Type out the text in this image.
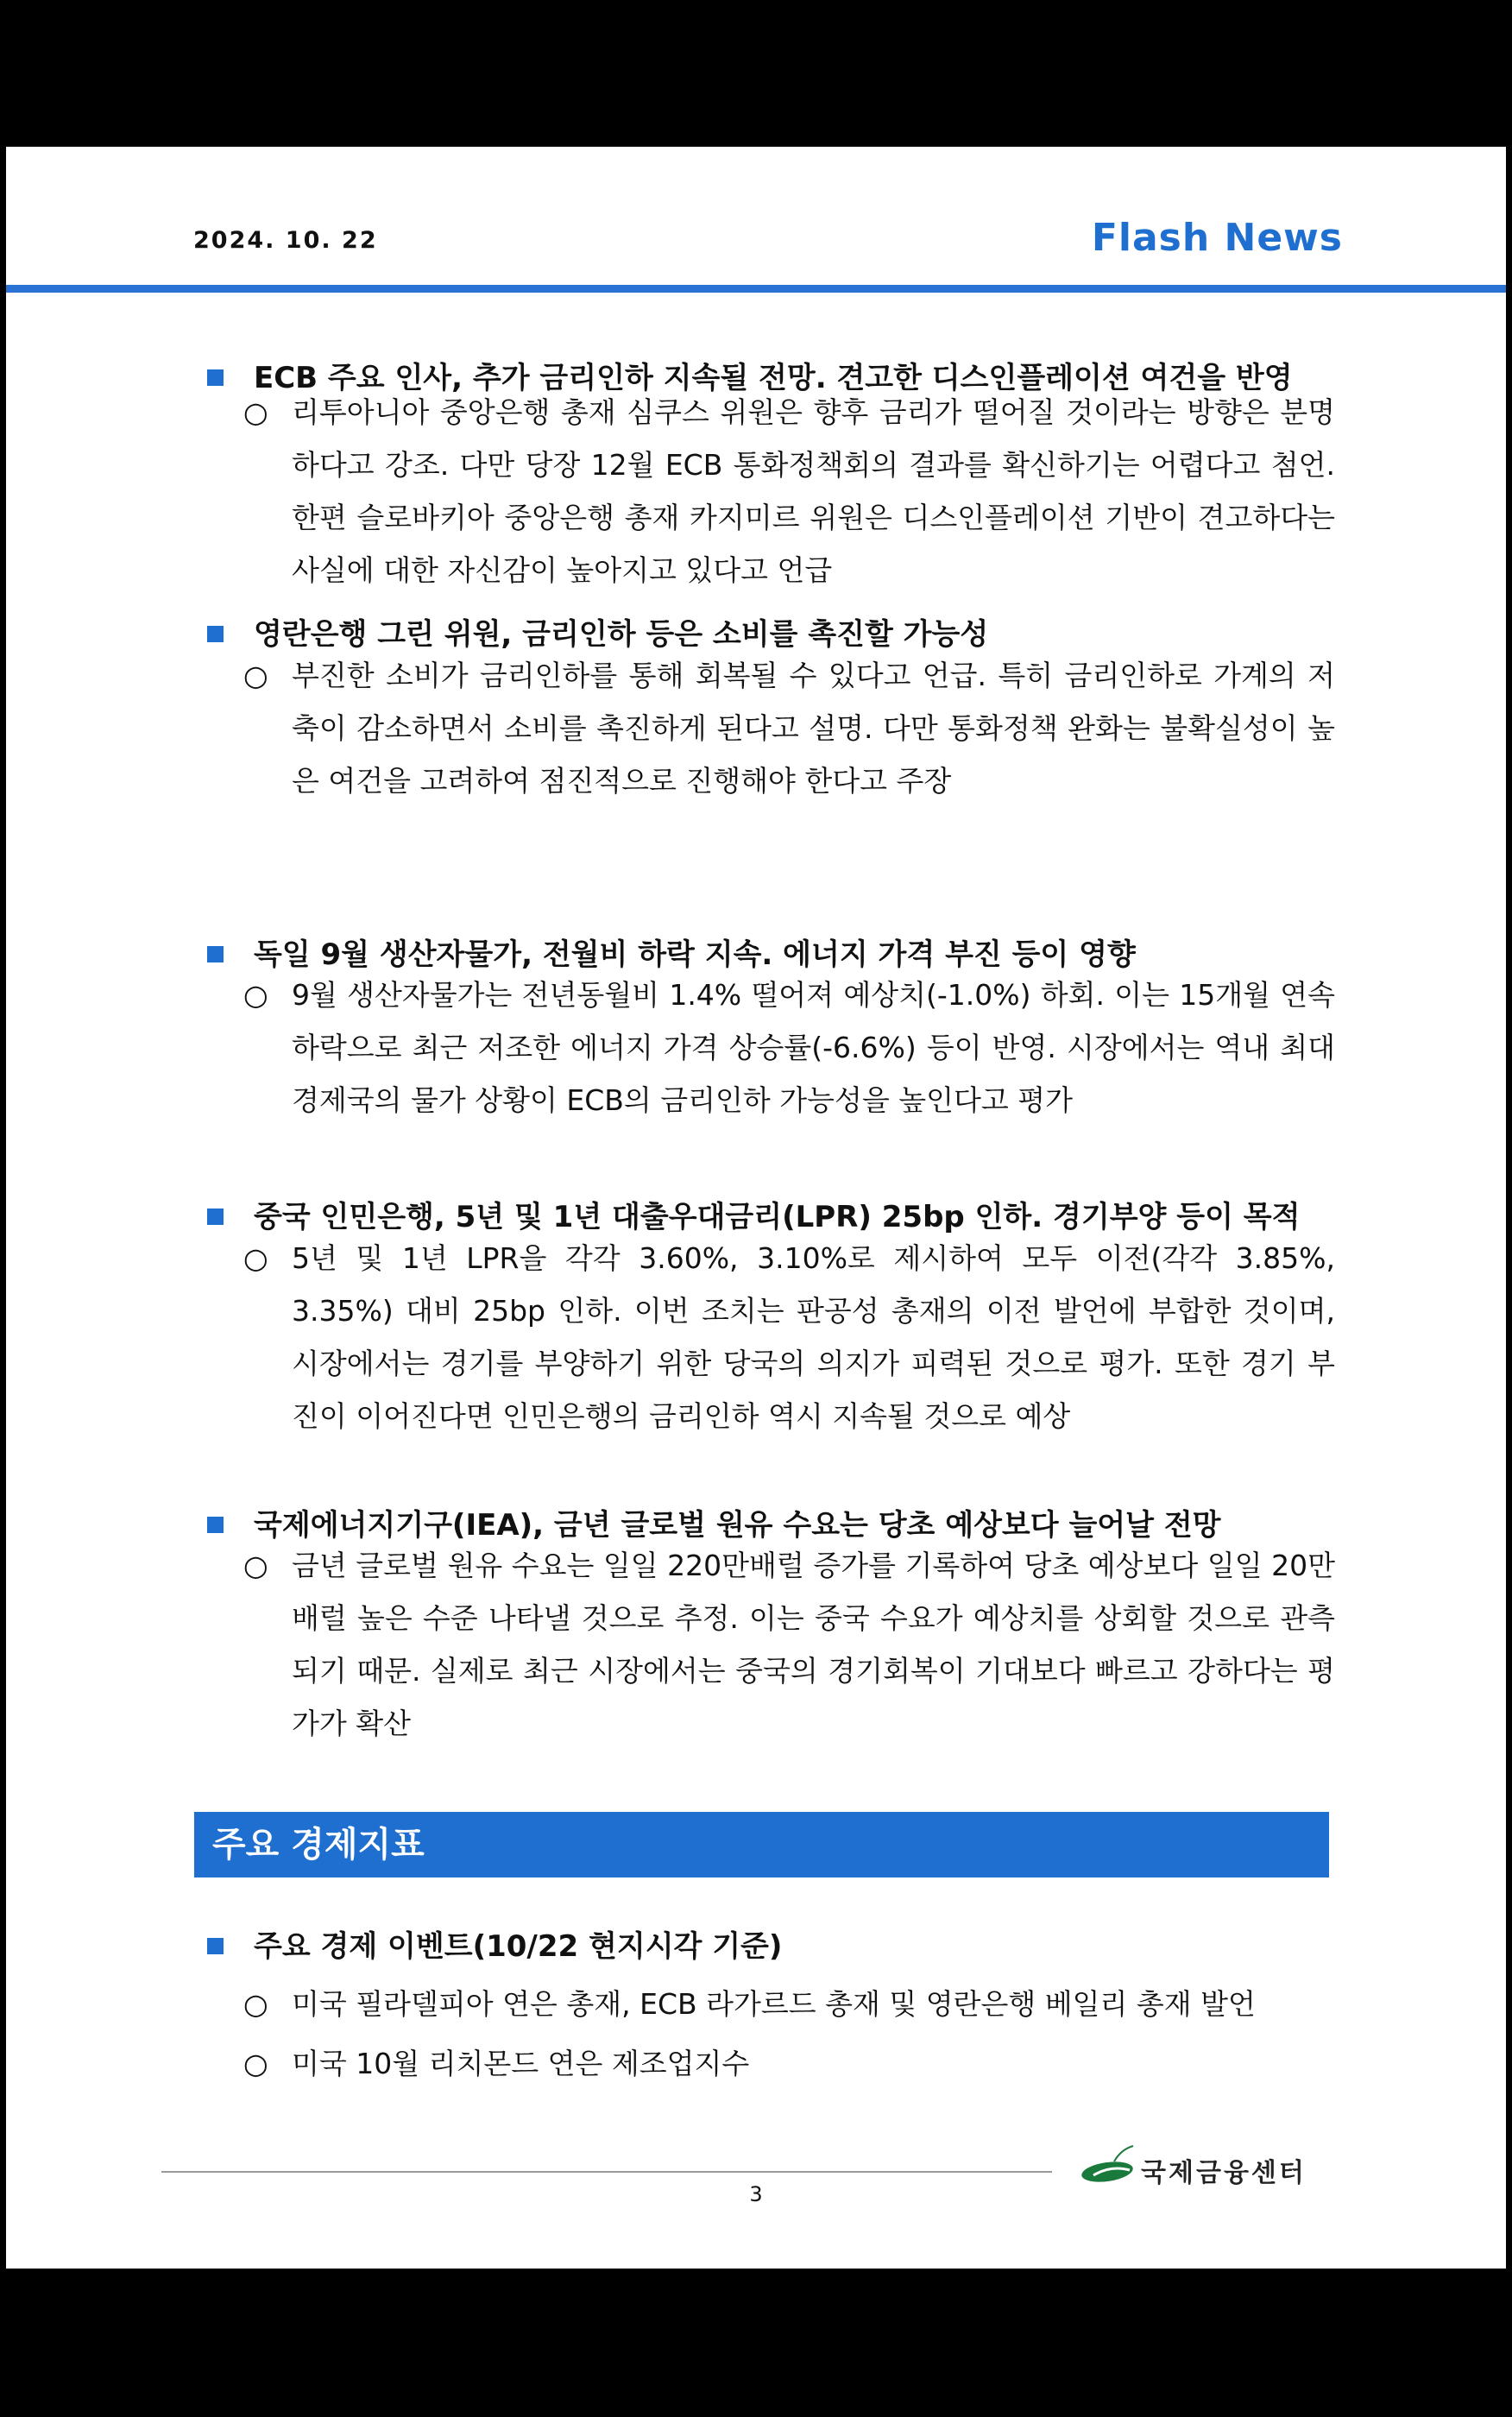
2024. 10. 22	Flash News
ECB 주요 인사, 추가 금리인하 지속될 전망. 견고한 디스인플레이션 여건을 반영
○ 리투아니아 중앙은행 총재 심쿠스 위원은 향후 금리가 떨어질 것이라는 방향은 분명하다고 강조. 다만 당장 12월 ECB 통화정책회의 결과를 확신하기는 어렵다고 첨언. 한편 슬로바키아 중앙은행 총재 카지미르 위원은 디스인플레이션 기반이 견고하다는 사실에 대한 자신감이 높아지고 있다고 언급
영란은행 그린 위원, 금리인하 등은 소비를 촉진할 가능성
○ 부진한 소비가 금리인하를 통해 회복될 수 있다고 언급. 특히 금리인하로 가계의 저축이 감소하면서 소비를 촉진하게 된다고 설명. 다만 통화정책 완화는 불확실성이 높은 여건을 고려하여 점진적으로 진행해야 한다고 주장
독일 9월 생산자물가, 전월비 하락 지속. 에너지 가격 부진 등이 영향
○ 9월 생산자물가는 전년동월비 1.4% 떨어져 예상치(-1.0%) 하회. 이는 15개월 연속 하락으로 최근 저조한 에너지 가격 상승률(-6.6%) 등이 반영. 시장에서는 역내 최대 경제국의 물가 상황이 ECB의 금리인하 가능성을 높인다고 평가
중국 인민은행, 5년 및 1년 대출우대금리(LPR) 25bp 인하. 경기부양 등이 목적
○ 5년 및 1년 LPR을 각각 3.60%, 3.10%로 제시하여 모두 이전(각각 3.85%, 3.35%) 대비 25bp 인하. 이번 조치는 판공성 총재의 이전 발언에 부합한 것이며, 시장에서는 경기를 부양하기 위한 당국의 의지가 피력된 것으로 평가. 또한 경기 부진이 이어진다면 인민은행의 금리인하 역시 지속될 것으로 예상
국제에너지기구(IEA), 금년 글로벌 원유 수요는 당초 예상보다 늘어날 전망
○ 금년 글로벌 원유 수요는 일일 220만배럴 증가를 기록하여 당초 예상보다 일일 20만배럴 높은 수준 나타낼 것으로 추정. 이는 중국 수요가 예상치를 상회할 것으로 관측되기 때문. 실제로 최근 시장에서는 중국의 경기회복이 기대보다 빠르고 강하다는 평가가 확산
주요 경제지표
주요 경제 이벤트(10/22 현지시각 기준)
○ 미국 필라델피아 연은 총재, ECB 라가르드 총재 및 영란은행 베일리 총재 발언
○ 미국 10월 리치몬드 연은 제조업지수
3
국제금융센터
